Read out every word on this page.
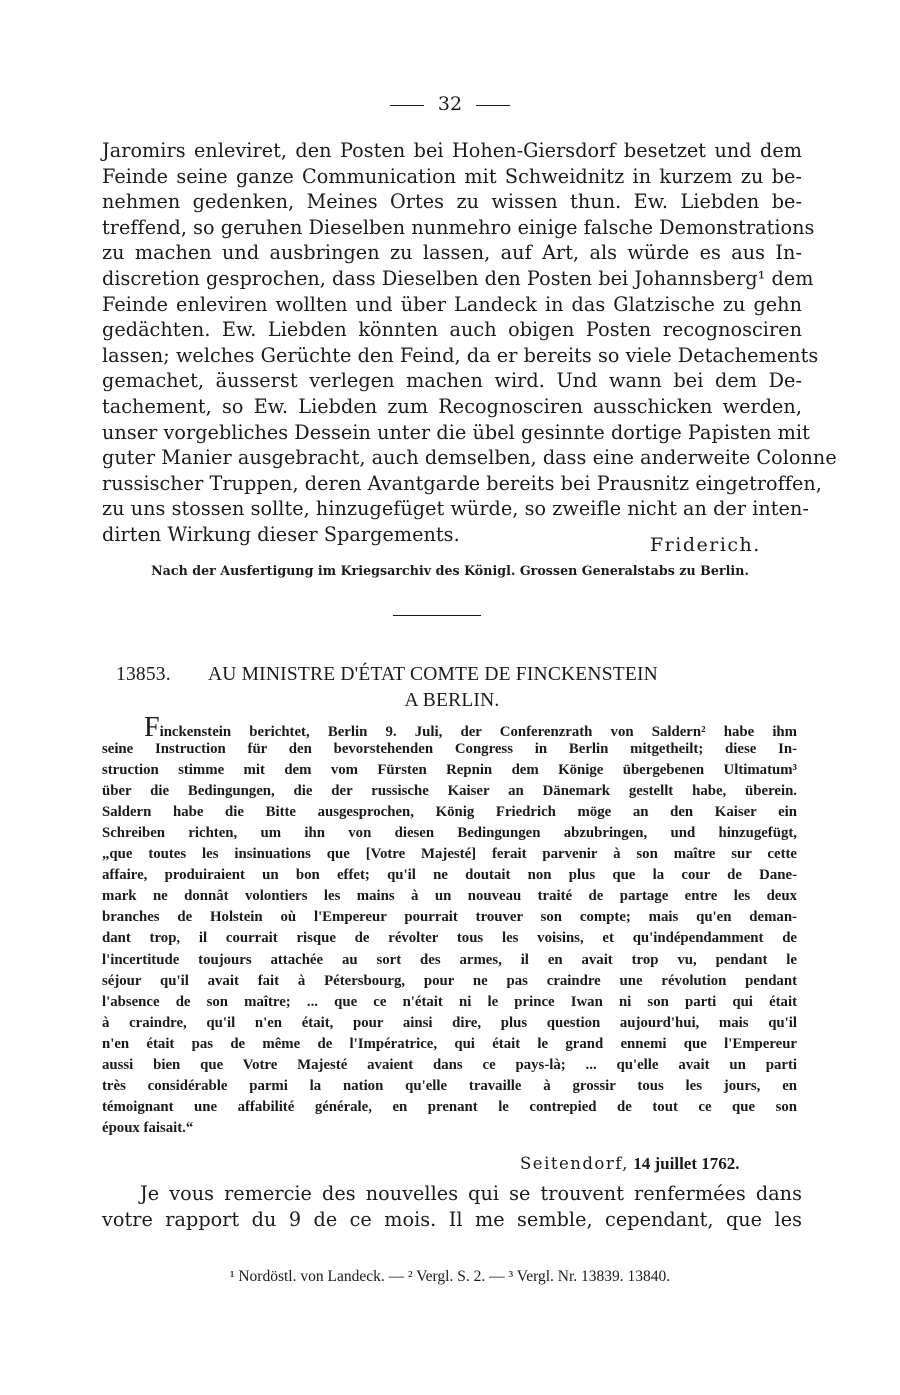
32
Jaromirs enleviret, den Posten bei Hohen-Giersdorf besetzet und dem
Feinde seine ganze Communication mit Schweidnitz in kurzem zu be-
nehmen gedenken, Meines Ortes zu wissen thun. Ew. Liebden be-
treffend, so geruhen Dieselben nunmehro einige falsche Demonstrations
zu machen und ausbringen zu lassen, auf Art, als würde es aus In-
discretion gesprochen, dass Dieselben den Posten bei Johannsberg¹ dem
Feinde enleviren wollten und über Landeck in das Glatzische zu gehn
gedächten. Ew. Liebden könnten auch obigen Posten recognosciren
lassen; welches Gerüchte den Feind, da er bereits so viele Detachements
gemachet, äusserst verlegen machen wird. Und wann bei dem De-
tachement, so Ew. Liebden zum Recognosciren ausschicken werden,
unser vorgebliches Dessein unter die übel gesinnte dortige Papisten mit
guter Manier ausgebracht, auch demselben, dass eine anderweite Colonne
russischer Truppen, deren Avantgarde bereits bei Prausnitz eingetroffen,
zu uns stossen sollte, hinzugefüget würde, so zweifle nicht an der inten-
dirten Wirkung dieser Spargements.	Friderich.
Nach der Ausfertigung im Kriegsarchiv des Königl. Grossen Generalstabs zu Berlin.
13853. AU MINISTRE D'ÉTAT COMTE DE FINCKENSTEIN
A BERLIN.
Finckenstein berichtet, Berlin 9. Juli, der Conferenzrath von Saldern² habe ihm
seine Instruction für den bevorstehenden Congress in Berlin mitgetheilt; diese In-
struction stimme mit dem vom Fürsten Repnin dem Könige übergebenen Ultimatum³
über die Bedingungen, die der russische Kaiser an Dänemark gestellt habe, überein.
Saldern habe die Bitte ausgesprochen, König Friedrich möge an den Kaiser ein
Schreiben richten, um ihn von diesen Bedingungen abzubringen, und hinzugefügt,
„que toutes les insinuations que [Votre Majesté] ferait parvenir à son maître sur cette
affaire, produiraient un bon effet; qu'il ne doutait non plus que la cour de Dane-
mark ne donnât volontiers les mains à un nouveau traité de partage entre les deux
branches de Holstein où l'Empereur pourrait trouver son compte; mais qu'en deman-
dant trop, il courrait risque de révolter tous les voisins, et qu'indépendamment de
l'incertitude toujours attachée au sort des armes, il en avait trop vu, pendant le
séjour qu'il avait fait à Pétersbourg, pour ne pas craindre une révolution pendant
l'absence de son maître; ... que ce n'était ni le prince Iwan ni son parti qui était
à craindre, qu'il n'en était, pour ainsi dire, plus question aujourd'hui, mais qu'il
n'en était pas de même de l'Impératrice, qui était le grand ennemi que l'Empereur
aussi bien que Votre Majesté avaient dans ce pays-là; ... qu'elle avait un parti
très considérable parmi la nation qu'elle travaille à grossir tous les jours, en
témoignant une affabilité générale, en prenant le contrepied de tout ce que son
époux faisait.“
Seitendorf, 14 juillet 1762.
Je vous remercie des nouvelles qui se trouvent renfermées dans
votre rapport du 9 de ce mois. Il me semble, cependant, que les
¹ Nordöstl. von Landeck. — ² Vergl. S. 2. — ³ Vergl. Nr. 13839. 13840.
